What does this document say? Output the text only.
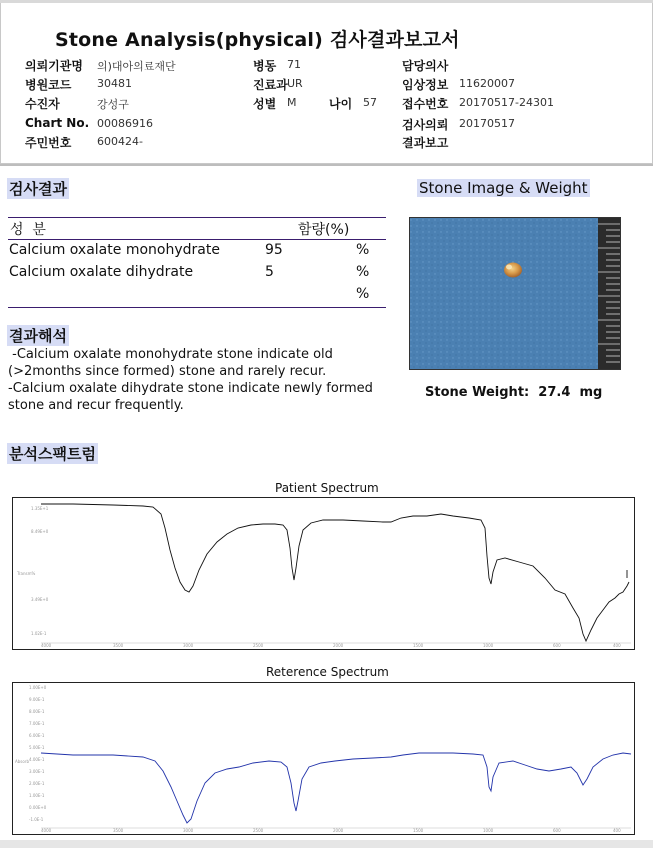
Stone Analysis(physical) 검사결과보고서
의뢰기관명 의)대아의료재단
병원코드 30481
수진자	강성구
Chart No. 00086916
주민번호 600424-
병동 71
진료과 UR
성별 M	나이 57
담당의사
임상정보 11620007
접수번호 20170517-24301
검사의뢰 20170517
결과보고
검사결과
성  분	함량(%)
Calcium oxalate monohydrate	95	%
Calcium oxalate dihydrate	5	%
%
결과해석
-Calcium oxalate monohydrate stone indicate old
(>2months since formed) stone and rarely recur.
-Calcium oxalate dihydrate stone indicate newly formed
stone and recur frequently.
Stone Image & Weight
Stone Weight: 27.4 mg
분석스팩트럼
Patient Spectrum
1.35E+1
8.49E+0
Transm%
3.49E+0
1.02E-1
4000	3500	3000	2500	2000	1500	1000	600	400
Reterence Spectrum
1.00E+0
9.00E-1
8.00E-1
7.00E-1
6.00E-1
5.00E-1
4.00E-1
3.00E-1
2.00E-1
1.00E-1
0.00E+0
-1.0E-1
Absorb
4000	3500	3000	2500	2000	1500	1000	600	400
